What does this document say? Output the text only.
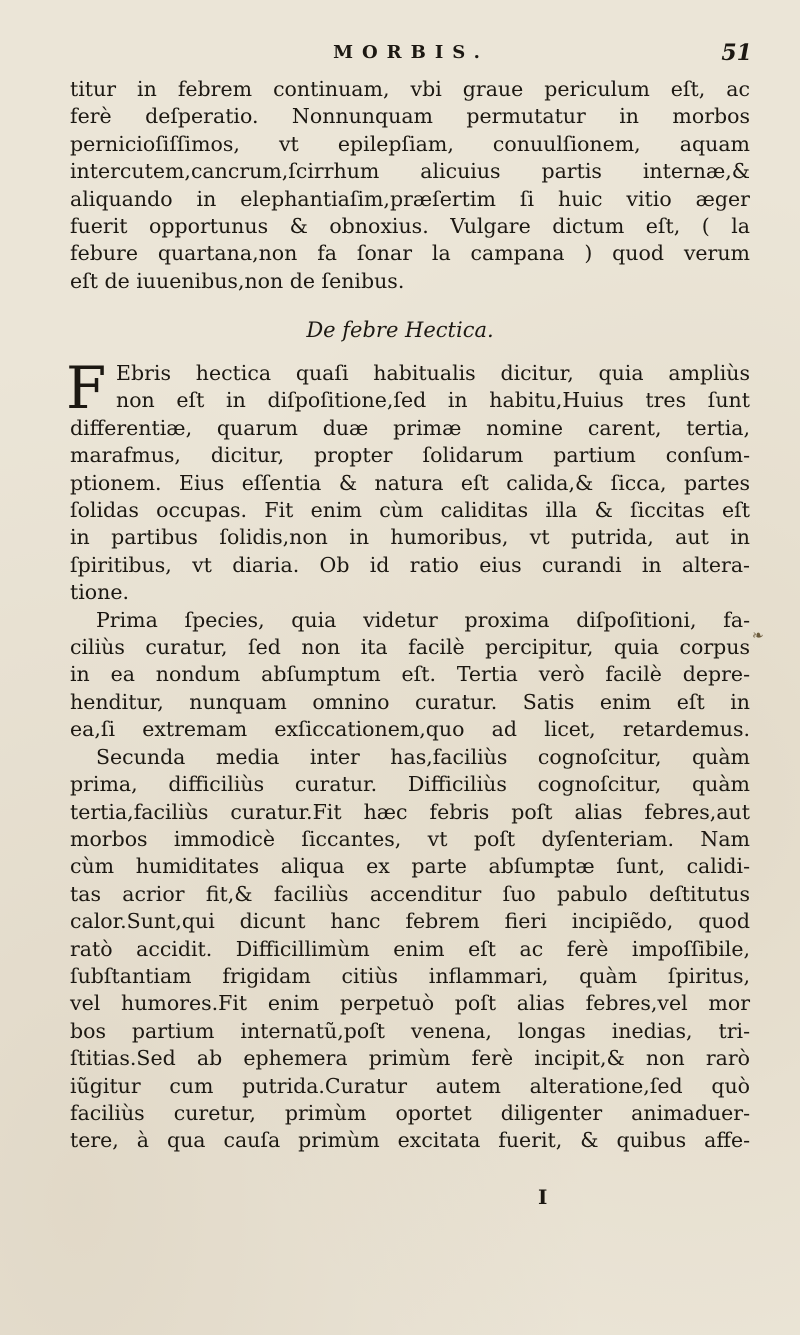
MORBIS.	51
titur in febrem continuam, vbi graue periculum eſt, ac
ferè deſperatio. Nonnunquam permutatur in morbos
pernicioſiſſimos, vt epilepſiam, conuulſionem, aquam
intercutem,cancrum,ſcirrhum alicuius partis internæ,&
aliquando in elephantiaſim,præſertim ſi huic vitio æger
fuerit opportunus & obnoxius. Vulgare dictum eſt, ( la
febure quartana,non fa ſonar la campana ) quod verum
eſt de iuuenibus,non de ſenibus.
De febre Hectica.
F Ebris hectica quaſi habitualis dicitur, quia ampliùs
non eſt in diſpoſitione,ſed in habitu,Huius tres ſunt
differentiæ, quarum duæ primæ nomine carent, tertia,
marafmus, dicitur, propter ſolidarum partium conſum-
ptionem. Eius eſſentia & natura eſt calida,& ſicca, partes
ſolidas occupas. Fit enim cùm caliditas illa & ſiccitas eſt
in partibus ſolidis,non in humoribus, vt putrida, aut in
ſpiritibus, vt diaria. Ob id ratio eius curandi in altera-
tione.
Prima ſpecies, quia videtur proxima diſpoſitioni, fa-
ciliùs curatur, ſed non ita facilè percipitur, quia corpus
in ea nondum abſumptum eſt. Tertia verò facilè depre-
henditur, nunquam omnino curatur. Satis enim eſt in
ea,ſi extremam exſiccationem,quo ad licet, retardemus.
Secunda media inter has,faciliùs cognoſcitur, quàm
prima, difficiliùs curatur. Difficiliùs cognoſcitur, quàm
tertia,faciliùs curatur.Fit hæc febris poſt alias febres,aut
morbos immodicè ſiccantes, vt poſt dyſenteriam. Nam
cùm humiditates aliqua ex parte abſumptæ ſunt, calidi-
tas acrior fit,& faciliùs accenditur ſuo pabulo deſtitutus
calor.Sunt,qui dicunt hanc febrem fieri incipiẽdo, quod
ratò accidit. Difficillimùm enim eſt ac ferè impoſſibile,
ſubſtantiam frigidam citiùs inflammari, quàm ſpiritus,
vel humores.Fit enim perpetuò poſt alias febres,vel mor
bos partium internatũ,poſt venena, longas inedias, tri-
ſtitias.Sed ab ephemera primùm ferè incipit,& non rarò
iũgitur cum putrida.Curatur autem alteratione,ſed quò
faciliùs curetur, primùm oportet diligenter animaduer-
tere, à qua cauſa primùm excitata fuerit, & quibus affe-
I
❧
